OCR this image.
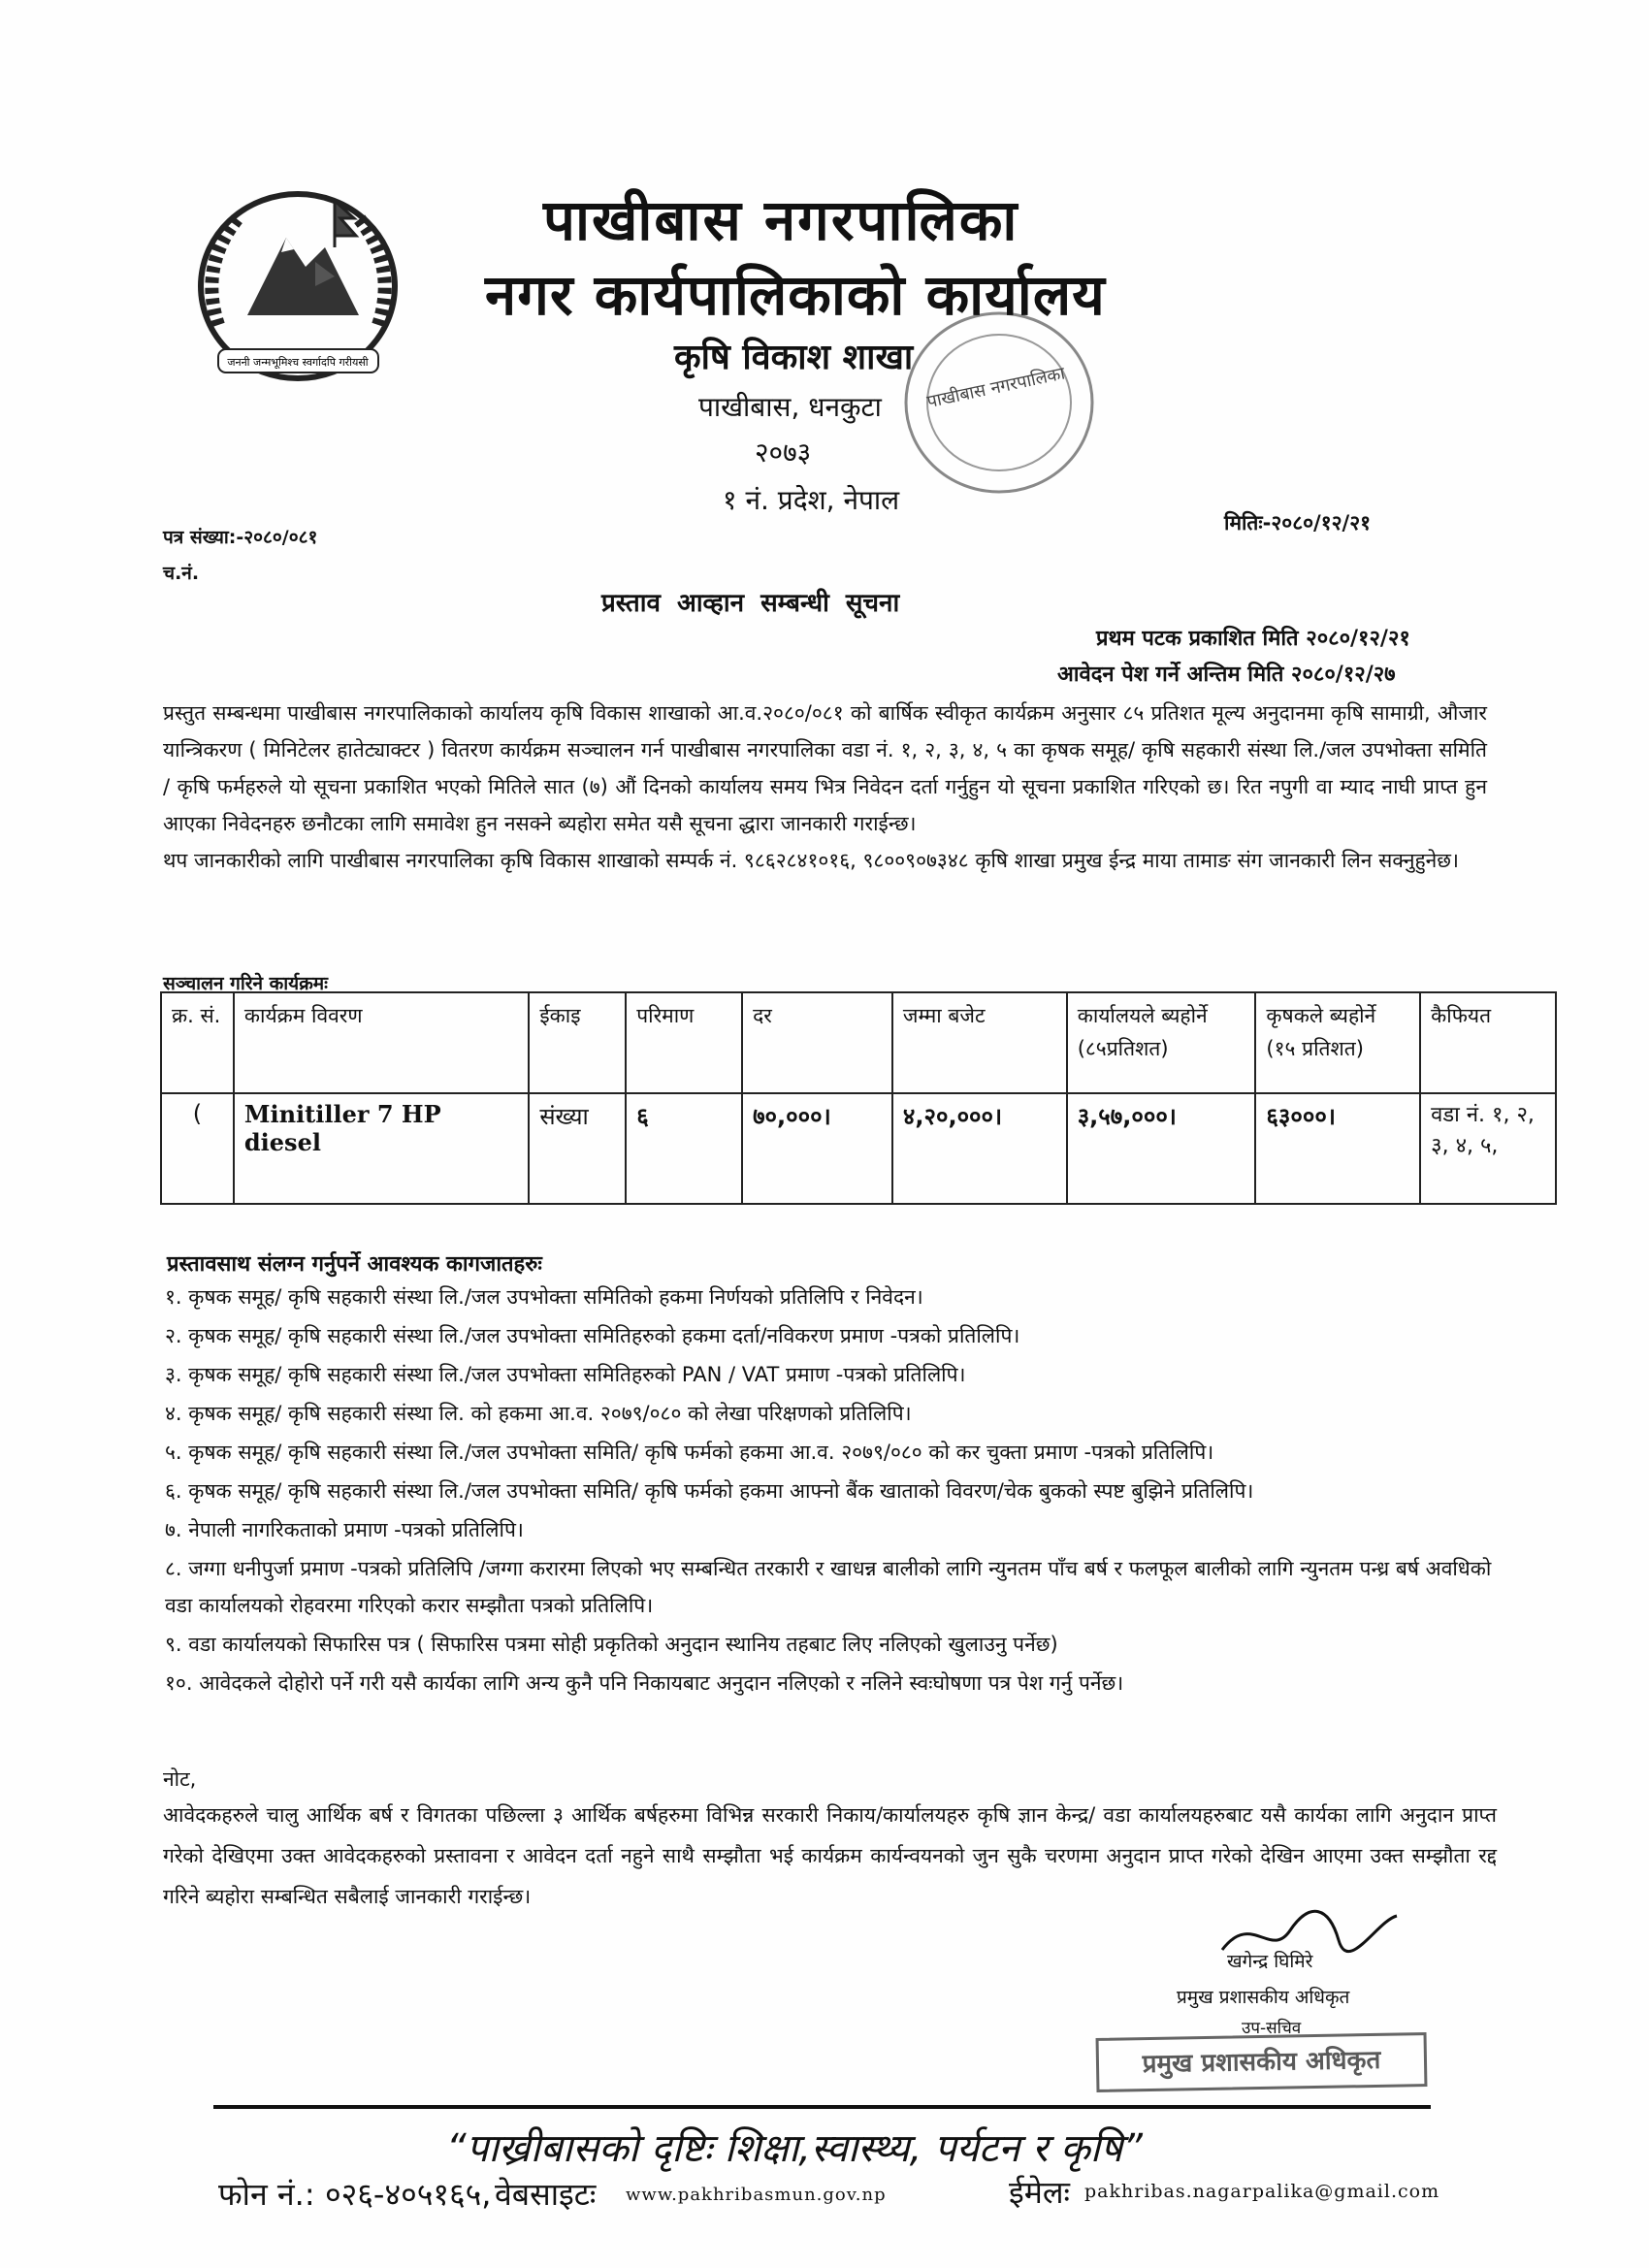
जननी जन्मभूमिश्च स्वर्गादपि गरीयसी
पाखीबास नगरपालिका
पाखीबास नगरपालिका
नगर कार्यपालिकाको कार्यालय
कृषि विकाश शाखा
पाखीबास, धनकुटा
२०७३
१ नं. प्रदेश, नेपाल
पत्र संख्या:-२०८०/०८१
च.नं.
मितिः-२०८०/१२/२१
प्रस्ताव आव्हान सम्बन्धी सूचना
प्रथम पटक प्रकाशित मिति २०८०/१२/२१
आवेदन पेश गर्ने अन्तिम मिति २०८०/१२/२७
प्रस्तुत सम्बन्धमा पाखीबास नगरपालिकाको कार्यालय कृषि विकास शाखाको आ.व.२०८०/०८१ को बार्षिक स्वीकृत कार्यक्रम अनुसार ८५ प्रतिशत मूल्य अनुदानमा कृषि सामाग्री, औजार यान्त्रिकरण ( मिनिटेलर हातेट्याक्टर ) वितरण कार्यक्रम सञ्चालन गर्न पाखीबास नगरपालिका वडा नं. १, २, ३, ४, ५ का कृषक समूह/ कृषि सहकारी संस्था लि./जल उपभोक्ता समिति / कृषि फर्महरुले यो सूचना प्रकाशित भएको मितिले सात (७) औं दिनको कार्यालय समय भित्र निवेदन दर्ता गर्नुहुन यो सूचना प्रकाशित गरिएको छ। रित नपुगी वा म्याद नाघी प्राप्त हुन आएका निवेदनहरु छनौटका लागि समावेश हुन नसक्ने ब्यहोरा समेत यसै सूचना द्धारा जानकारी गराईन्छ।
थप जानकारीको लागि पाखीबास नगरपालिका कृषि विकास शाखाको सम्पर्क नं. ९८६२८४१०१६, ९८००९०७३४८ कृषि शाखा प्रमुख ईन्द्र माया तामाङ संग जानकारी लिन सक्नुहुनेछ।
सञ्चालन गरिने कार्यक्रमः
क्र. सं.	कार्यक्रम विवरण	ईकाइ	परिमाण	दर	जम्मा बजेट	कार्यालयले ब्यहोर्ने (८५प्रतिशत)	कृषकले ब्यहोर्ने (१५ प्रतिशत)	कैफियत
(	Minitiller 7 HP diesel	संख्या	६	७०,०००।	४,२०,०००।	३,५७,०००।	६३०००।	वडा नं. १, २, ३, ४, ५,
प्रस्तावसाथ संलग्न गर्नुपर्ने आवश्यक कागजातहरुः
१. कृषक समूह/ कृषि सहकारी संस्था लि./जल उपभोक्ता समितिको हकमा निर्णयको प्रतिलिपि र निवेदन।
२. कृषक समूह/ कृषि सहकारी संस्था लि./जल उपभोक्ता समितिहरुको हकमा दर्ता/नविकरण प्रमाण -पत्रको प्रतिलिपि।
३. कृषक समूह/ कृषि सहकारी संस्था लि./जल उपभोक्ता समितिहरुको PAN / VAT प्रमाण -पत्रको प्रतिलिपि।
४. कृषक समूह/ कृषि सहकारी संस्था लि. को हकमा आ.व. २०७९/०८० को लेखा परिक्षणको प्रतिलिपि।
५. कृषक समूह/ कृषि सहकारी संस्था लि./जल उपभोक्ता समिति/ कृषि फर्मको हकमा आ.व. २०७९/०८० को कर चुक्ता प्रमाण -पत्रको प्रतिलिपि।
६. कृषक समूह/ कृषि सहकारी संस्था लि./जल उपभोक्ता समिति/ कृषि फर्मको हकमा आफ्नो बैंक खाताको विवरण/चेक बुकको स्पष्ट बुझिने प्रतिलिपि।
७. नेपाली नागरिकताको प्रमाण -पत्रको प्रतिलिपि।
८. जग्गा धनीपुर्जा प्रमाण -पत्रको प्रतिलिपि /जग्गा करारमा लिएको भए सम्बन्धित तरकारी र खाधन्न बालीको लागि न्युनतम पाँच बर्ष र फलफूल बालीको लागि न्युनतम पन्ध्र बर्ष अवधिको वडा कार्यालयको रोहवरमा गरिएको करार सम्झौता पत्रको प्रतिलिपि।
९. वडा कार्यालयको सिफारिस पत्र ( सिफारिस पत्रमा सोही प्रकृतिको अनुदान स्थानिय तहबाट लिए नलिएको खुलाउनु पर्नेछ)
१०. आवेदकले दोहोरो पर्ने गरी यसै कार्यका लागि अन्य कुनै पनि निकायबाट अनुदान नलिएको र नलिने स्वःघोषणा पत्र पेश गर्नु पर्नेछ।
नोट,
आवेदकहरुले चालु आर्थिक बर्ष र विगतका पछिल्ला ३ आर्थिक बर्षहरुमा विभिन्न सरकारी निकाय/कार्यालयहरु कृषि ज्ञान केन्द्र/ वडा कार्यालयहरुबाट यसै कार्यका लागि अनुदान प्राप्त गरेको देखिएमा उक्त आवेदकहरुको प्रस्तावना र आवेदन दर्ता नहुने साथै सम्झौता भई कार्यक्रम कार्यन्वयनको जुन सुकै चरणमा अनुदान प्राप्त गरेको देखिन आएमा उक्त सम्झौता रद्द गरिने ब्यहोरा सम्बन्धित सबैलाई जानकारी गराईन्छ।
खगेन्द्र घिमिरे
प्रमुख प्रशासकीय अधिकृत
उप-सचिव
प्रमुख प्रशासकीय अधिकृत
“पाख्रीबासको दृष्टिः शिक्षा,स्वास्थ्य, पर्यटन र कृषि”
फोन नं.: ०२६-४०५१६५, वेबसाइटः www.pakhribasmun.gov.np	ईमेलः pakhribas.nagarpalika@gmail.com
